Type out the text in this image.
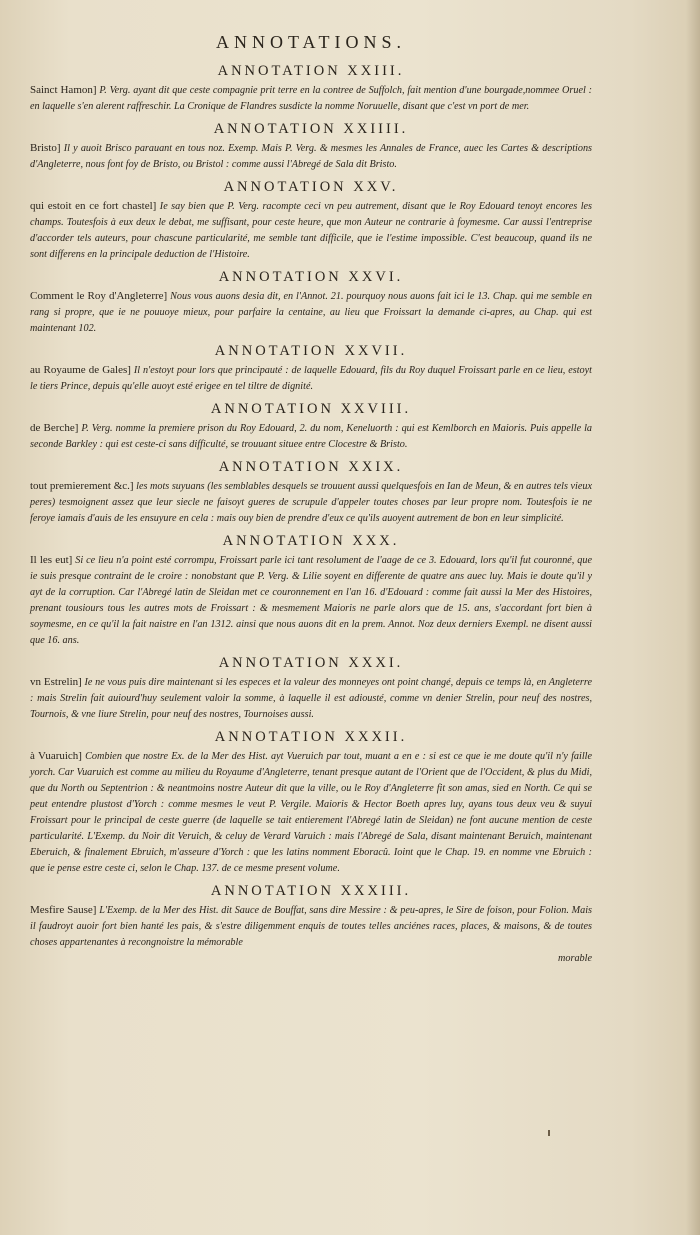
ANNOTATIONS.
ANNOTATION XXIII.

Sainct Hamon] P. Verg. ayant dit que ceste compagnie prit terre en la contree de Suffolch, fait mention d'une bourgade,nommee Oruel : en laquelle s'en alerent raffreschir. La Cronique de Flandres susdicte la nomme Noruuelle, disant que c'est vn port de mer.

ANNOTATION XXIIII.

Bristo] Il y auoit Brisco parauant en tous noz. Exemp. Mais P. Verg. & mesmes les Annales de France, auec les Cartes & descriptions d'Angleterre, nous font foy de Bristo, ou Bristol : comme aussi l'Abregé de Sala dit Bristo.

ANNOTATION XXV.

qui estoit en ce fort chastel] Ie say bien que P. Verg. racompte ceci vn peu autrement, disant que le Roy Edouard tenoyt encores les champs. Toutesfois à eux deux le debat, me suffisant, pour ceste heure, que mon Auteur ne contrarie à foymesme. Car aussi l'entreprise d'accorder tels auteurs, pour chascune particularité, me semble tant difficile, que ie l'estime impossible. C'est beaucoup, quand ils ne sont differens en la principale deduction de l'Histoire.

ANNOTATION XXVI.

Comment le Roy d'Angleterre] Nous vous auons desia dit, en l'Annot. 21. pourquoy nous auons fait ici le 13. Chap. qui me semble en rang si propre, que ie ne pouuoye mieux, pour parfaire la centaine, au lieu que Froissart la demande ci-apres, au Chap. qui est maintenant 102.

ANNOTATION XXVII.

au Royaume de Gales] Il n'estoyt pour lors que principauté : de laquelle Edouard, fils du Roy duquel Froissart parle en ce lieu, estoyt le tiers Prince, depuis qu'elle auoyt esté erigee en tel tiltre de dignité.

ANNOTATION XXVIII.

de Berche] P. Verg. nomme la premiere prison du Roy Edouard, 2. du nom, Keneluorth : qui est Kemlborch en Maioris. Puis appelle la seconde Barkley : qui est ceste-ci sans difficulté, se trouuant situee entre Clocestre & Bristo.

ANNOTATION XXIX.

tout premierement &c.] les mots suyuans (les semblables desquels se trouuent aussi quelquesfois en Ian de Meun, & en autres tels vieux peres) tesmoignent assez que leur siecle ne faisoyt gueres de scrupule d'appeler toutes choses par leur propre nom. Toutesfois ie ne feroye iamais d'auis de les ensuyure en cela : mais ouy bien de prendre d'eux ce qu'ils auoyent autrement de bon en leur simplicité.

ANNOTATION XXX.

Il les eut] Si ce lieu n'a point esté corrompu, Froissart parle ici tant resolument de l'aage de ce 3. Edouard, lors qu'il fut couronné, que ie suis presque contraint de le croire : nonobstant que P. Verg. & Lilie soyent en differente de quatre ans auec luy. Mais ie doute qu'il y ayt de la corruption. Car l'Abregé latin de Sleidan met ce couronnement en l'an 16. d'Edouard : comme fait aussi la Mer des Histoires, prenant tousiours tous les autres mots de Froissart : & mesmement Maioris ne parle alors que de 15. ans, s'accordant fort bien à soymesme, en ce qu'il la fait naistre en l'an 1312. ainsi que nous auons dit en la prem. Annot. Noz deux derniers Exempl. ne disent aussi que 16. ans.

ANNOTATION XXXI.

vn Estrelin] Ie ne vous puis dire maintenant si les especes et la valeur des monneyes ont point changé, depuis ce temps là, en Angleterre : mais Strelin fait auiourd'huy seulement valoir la somme, à laquelle il est adiousté, comme vn denier Strelin, pour neuf des nostres, Tournois, & vne liure Strelin, pour neuf des nostres, Tournoises aussi.

ANNOTATION XXXII.

à Vuaruich] Combien que nostre Ex. de la Mer des Hist. ayt Vueruich par tout, muant a en e : si est ce que ie me doute qu'il n'y faille yorch. Car Vuaruich est comme au milieu du Royaume d'Angleterre, tenant presque autant de l'Orient que de l'Occident, & plus du Midi, que du North ou Septentrion : & neantmoins nostre Auteur dit que la ville, ou le Roy d'Angleterre fit son amas, sied en North. Ce qui se peut entendre plustost d'Yorch : comme mesmes le veut P. Vergile. Maioris & Hector Boeth apres luy, ayans tous deux veu & suyui Froissart pour le principal de ceste guerre (de laquelle se tait entierement l'Abregé latin de Sleidan) ne font aucune mention de ceste particularité. L'Exemp. du Noir dit Veruich, & celuy de Verard Varuich : mais l'Abregé de Sala, disant maintenant Beruich, maintenant Eberuich, & finalement Ebruich, m'asseure d'Yorch : que les latins nomment Eboracû. Ioint que le Chap. 19. en nomme vne Ebruich : que ie pense estre ceste ci, selon le Chap. 137. de ce mesme present volume.

ANNOTATION XXXIII.

Mesfire Sause] L'Exemp. de la Mer des Hist. dit Sauce de Bouffat, sans dire Messire : & peu-apres, le Sire de foison, pour Folion. Mais il faudroyt auoir fort bien hanté les pais, & s'estre diligemment enquis de toutes telles anciénes races, places, & maisons, & de toutes choses appartenantes à recongnoistre la mémorable

morable
